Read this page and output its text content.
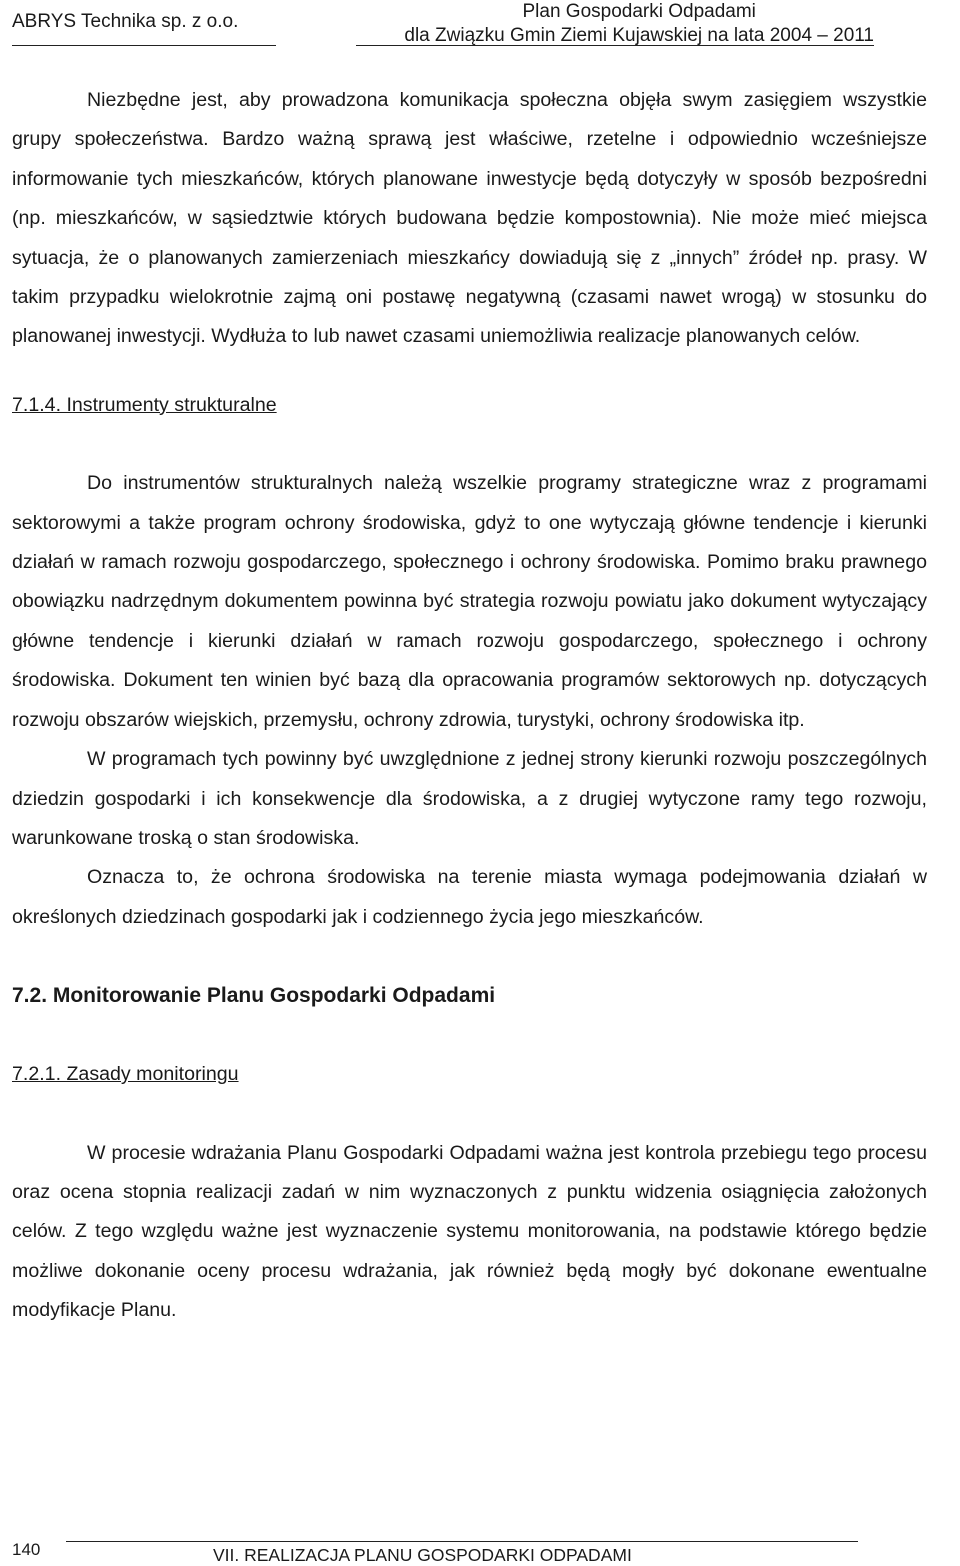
ABRYS Technika sp. z o.o.	Plan Gospodarki Odpadami
dla Związku Gmin Ziemi Kujawskiej na lata 2004 – 2011

Niezbędne jest, aby prowadzona komunikacja społeczna objęła swym zasięgiem wszystkie grupy społeczeństwa. Bardzo ważną sprawą jest właściwe, rzetelne i odpowiednio wcześniejsze informowanie tych mieszkańców, których planowane inwestycje będą dotyczyły w sposób bezpośredni (np. mieszkańców, w sąsiedztwie których budowana będzie kompostownia). Nie może mieć miejsca sytuacja, że o planowanych zamierzeniach mieszkańcy dowiadują się z „innych” źródeł np. prasy. W takim przypadku wielokrotnie zajmą oni postawę negatywną (czasami nawet wrogą) w stosunku do planowanej inwestycji. Wydłuża to lub nawet czasami uniemożliwia realizacje planowanych celów.

7.1.4. Instrumenty strukturalne

Do instrumentów strukturalnych należą wszelkie programy strategiczne wraz z programami sektorowymi a także program ochrony środowiska, gdyż to one wytyczają główne tendencje i kierunki działań w ramach rozwoju gospodarczego, społecznego i ochrony środowiska. Pomimo braku prawnego obowiązku nadrzędnym dokumentem powinna być strategia rozwoju powiatu jako dokument wytyczający główne tendencje i kierunki działań w ramach rozwoju gospodarczego, społecznego i ochrony środowiska. Dokument ten winien być bazą dla opracowania programów sektorowych np. dotyczących rozwoju obszarów wiejskich, przemysłu, ochrony zdrowia, turystyki, ochrony środowiska itp.

W programach tych powinny być uwzględnione z jednej strony kierunki rozwoju poszczególnych dziedzin gospodarki i ich konsekwencje dla środowiska, a z drugiej wytyczone ramy tego rozwoju, warunkowane troską o stan środowiska.

Oznacza to, że ochrona środowiska na terenie miasta wymaga podejmowania działań w określonych dziedzinach gospodarki jak i codziennego życia jego mieszkańców.

7.2. Monitorowanie Planu Gospodarki Odpadami

7.2.1. Zasady monitoringu

W procesie wdrażania Planu Gospodarki Odpadami ważna jest kontrola przebiegu tego procesu oraz ocena stopnia realizacji zadań w nim wyznaczonych z punktu widzenia osiągnięcia założonych celów. Z tego względu ważne jest wyznaczenie systemu monitorowania, na podstawie którego będzie możliwe dokonanie oceny procesu wdrażania, jak również będą mogły być dokonane ewentualne modyfikacje Planu.

140	VII. REALIZACJA PLANU GOSPODARKI ODPADAMI
